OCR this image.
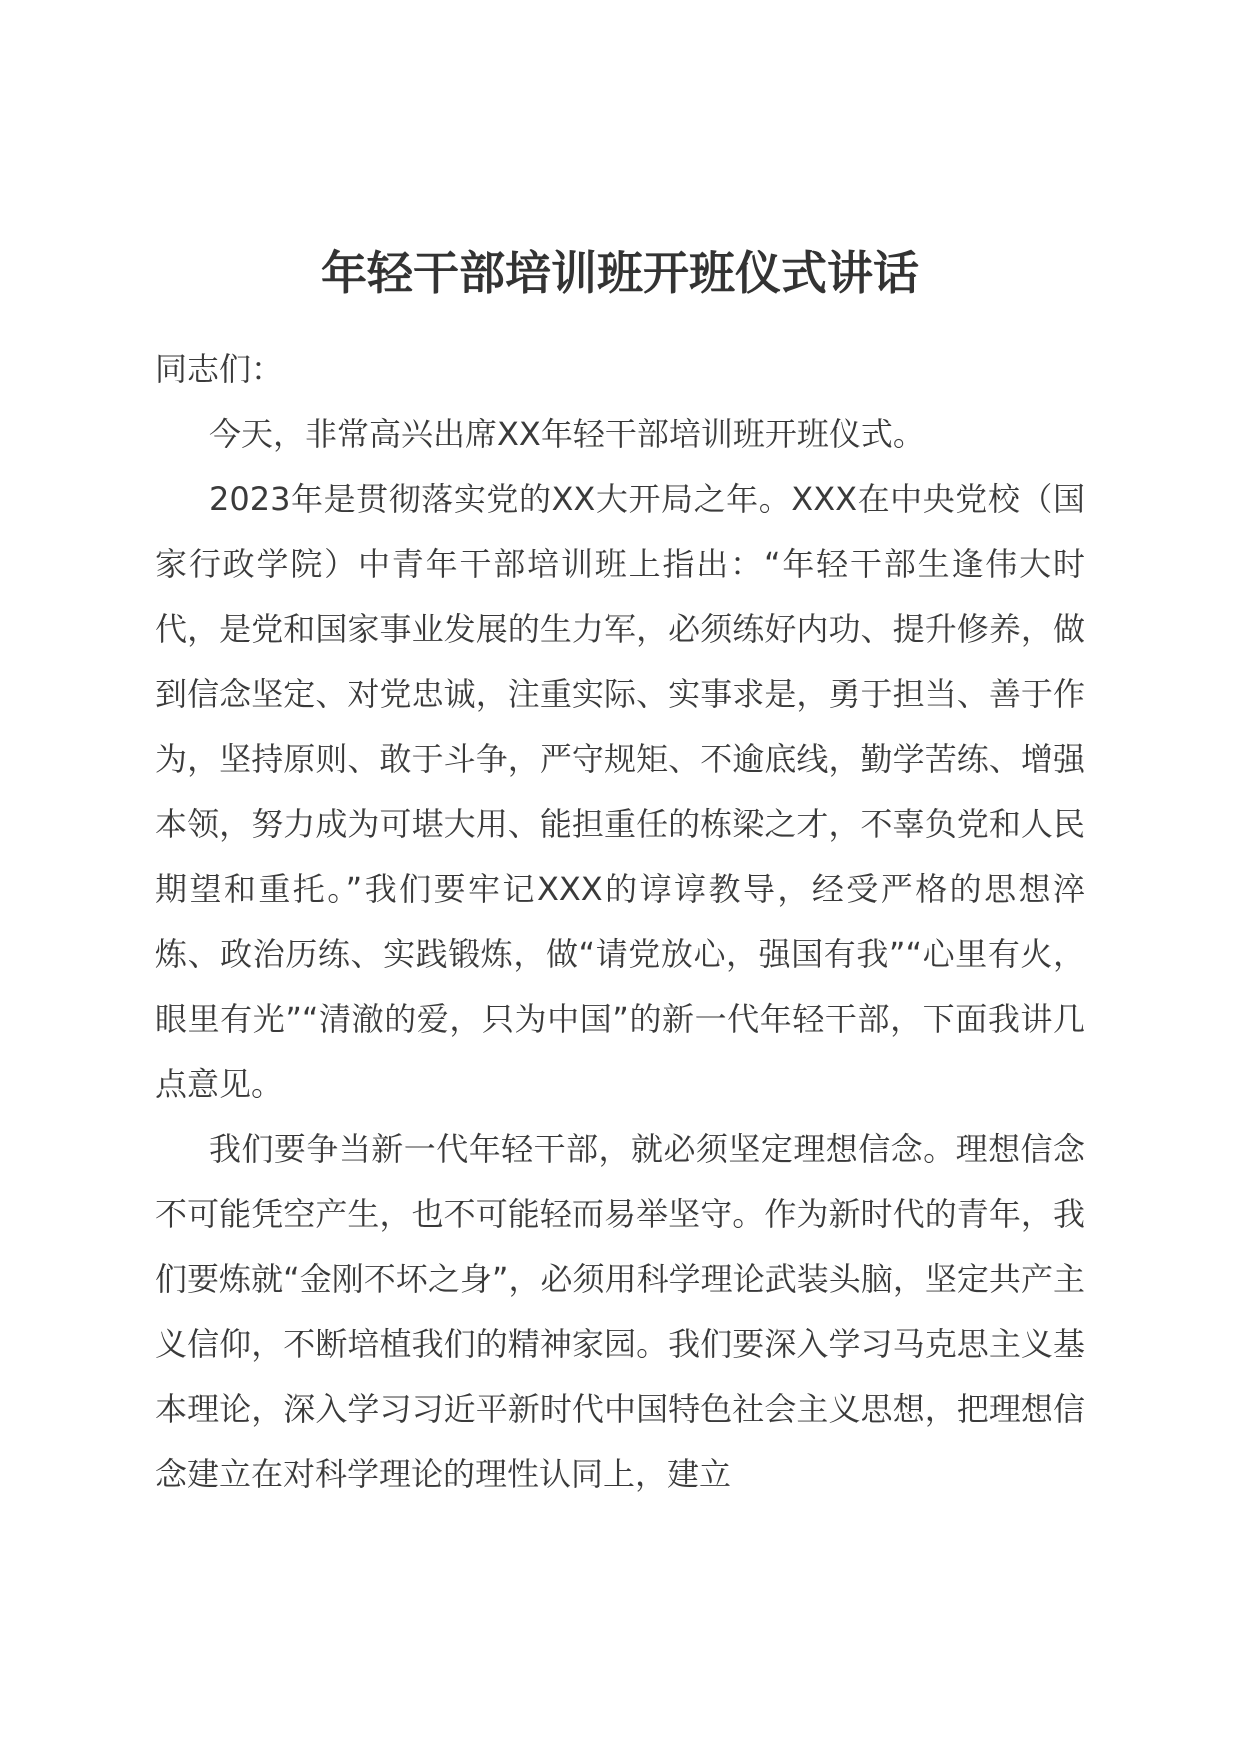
年轻干部培训班开班仪式讲话

同志们：

今天，非常高兴出席XX年轻干部培训班开班仪式。

2023年是贯彻落实党的XX大开局之年。XXX在中央党校（国家行政学院）中青年干部培训班上指出：“年轻干部生逢伟大时代，是党和国家事业发展的生力军，必须练好内功、提升修养，做到信念坚定、对党忠诚，注重实际、实事求是，勇于担当、善于作为，坚持原则、敢于斗争，严守规矩、不逾底线，勤学苦练、增强本领，努力成为可堪大用、能担重任的栋梁之才，不辜负党和人民期望和重托。”我们要牢记XXX的谆谆教导，经受严格的思想淬炼、政治历练、实践锻炼，做“请党放心，强国有我”“心里有火，眼里有光”“清澈的爱，只为中国”的新一代年轻干部，下面我讲几点意见。

我们要争当新一代年轻干部，就必须坚定理想信念。理想信念不可能凭空产生，也不可能轻而易举坚守。作为新时代的青年，我们要炼就“金刚不坏之身”，必须用科学理论武装头脑，坚定共产主义信仰，不断培植我们的精神家园。我们要深入学习马克思主义基本理论，深入学习习近平新时代中国特色社会主义思想，把理想信念建立在对科学理论的理性认同上，建立
